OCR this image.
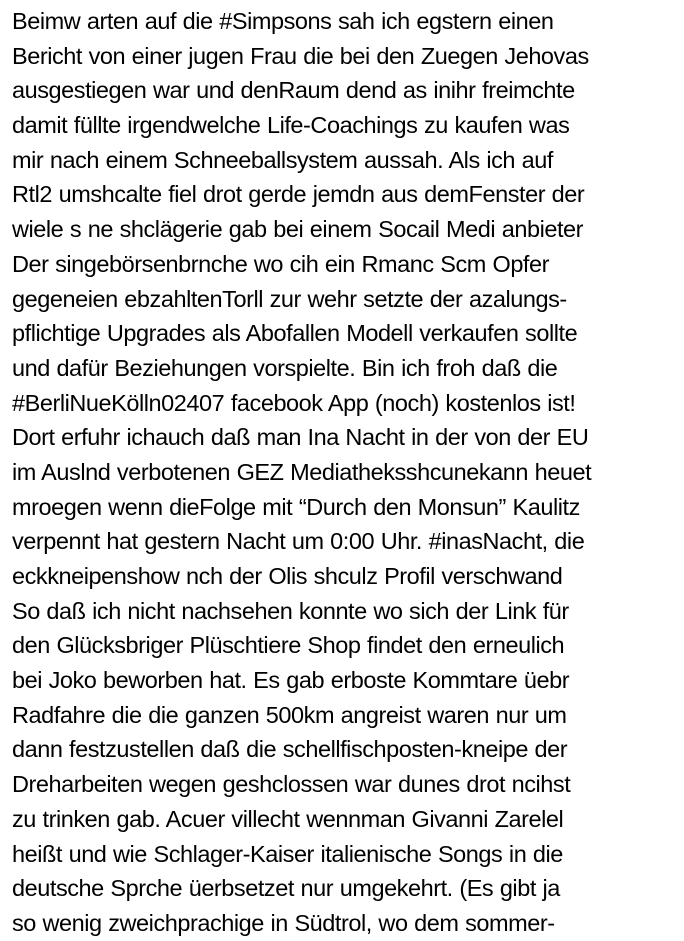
Beimw arten auf die #Simpsons sah ich egstern einen
Bericht von einer jugen Frau die bei den Zuegen Jehovas
ausgestiegen war und denRaum dend as inihr freimchte
damit füllte irgendwelche Life-Coachings zu kaufen was
mir nach einem Schneeballsystem aussah. Als ich auf
Rtl2 umshcalte fiel drot gerde jemdn aus demFenster der
wiele s ne shclägerie gab bei einem Socail Medi anbieter
Der singebörsenbrnche wo cih ein Rmanc Scm Opfer
gegeneien ebzahltenTorll zur wehr setzte der azalungs-
pflichtige Upgrades als Abofallen Modell verkaufen sollte
und dafür Beziehungen vorspielte. Bin ich froh daß die
#BerliNueKölln02407 facebook App (noch) kostenlos ist!
Dort erfuhr ichauch daß man Ina Nacht in der von der EU
im Auslnd verbotenen GEZ Mediatheksshcunekann heuet
mroegen wenn dieFolge mit “Durch den Monsun” Kaulitz
verpennt hat gestern Nacht um 0:00 Uhr. #inasNacht, die
eckkneipenshow nch der Olis shculz Profil verschwand
So daß ich nicht nachsehen konnte wo sich der Link für
den Glücksbriger Plüschtiere Shop findet den erneulich
bei Joko beworben hat. Es gab erboste Kommtare üebr
Radfahre die die ganzen 500km angreist waren nur um
dann festzustellen daß die schellfischposten-kneipe der
Dreharbeiten wegen geshclossen war dunes drot ncihst
zu trinken gab. Acuer villecht wennman Givanni Zarelel
heißt und wie Schlager-Kaiser italienische Songs in die
deutsche Sprche üerbsetzet nur umgekehrt. (Es gibt ja
so wenig zweichprachige in Südtrol, wo dem sommer-
